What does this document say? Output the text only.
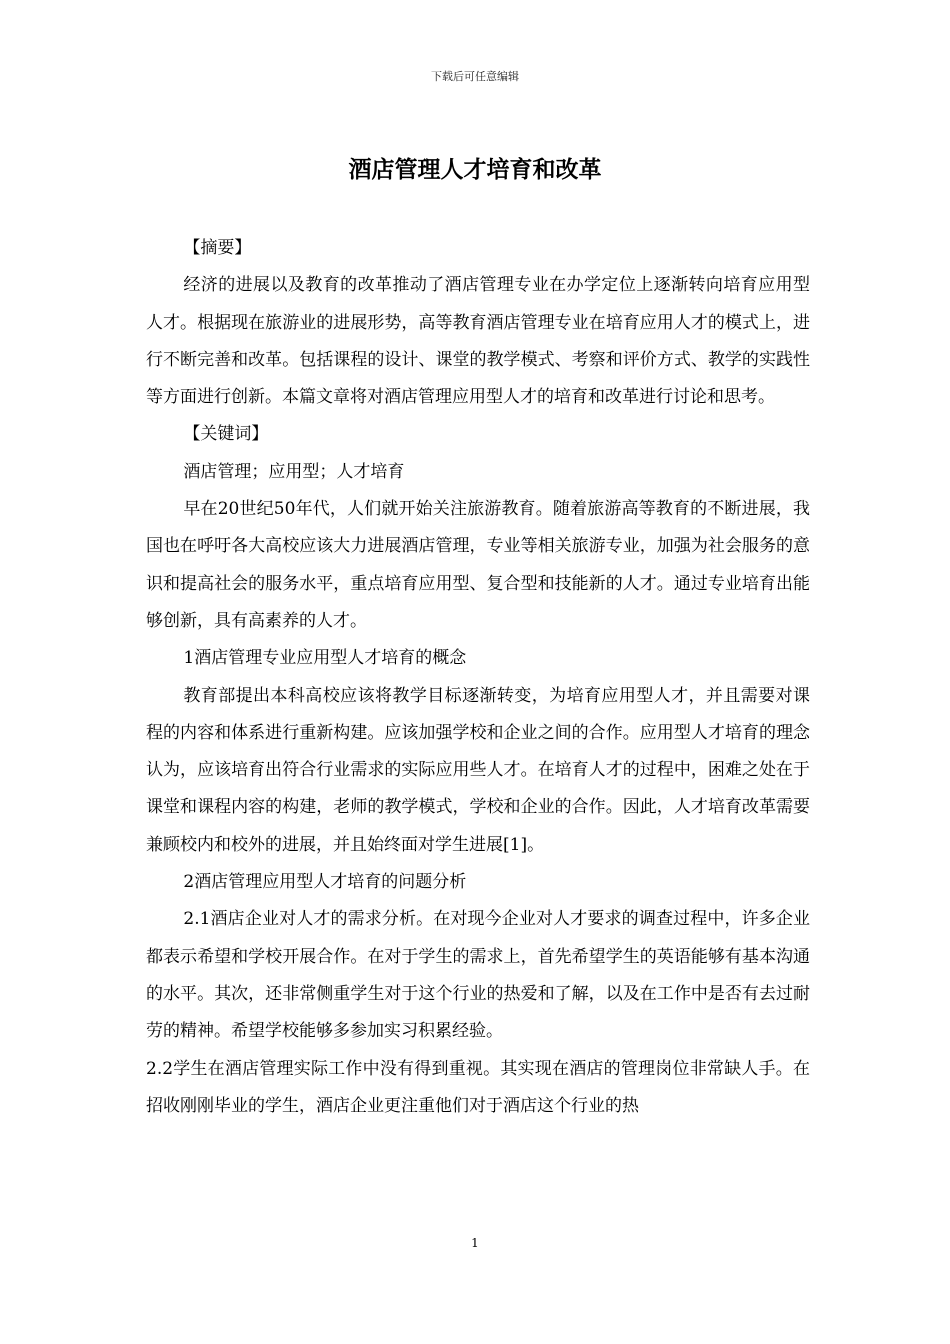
下载后可任意编辑
酒店管理人才培育和改革

【摘要】

经济的进展以及教育的改革推动了酒店管理专业在办学定位上逐渐转向培育应用型人才。根据现在旅游业的进展形势，高等教育酒店管理专业在培育应用人才的模式上，进行不断完善和改革。包括课程的设计、课堂的教学模式、考察和评价方式、教学的实践性等方面进行创新。本篇文章将对酒店管理应用型人才的培育和改革进行讨论和思考。

【关键词】

酒店管理；应用型；人才培育

早在20世纪50年代，人们就开始关注旅游教育。随着旅游高等教育的不断进展，我国也在呼吁各大高校应该大力进展酒店管理，专业等相关旅游专业，加强为社会服务的意识和提高社会的服务水平，重点培育应用型、复合型和技能新的人才。通过专业培育出能够创新，具有高素养的人才。

1酒店管理专业应用型人才培育的概念

教育部提出本科高校应该将教学目标逐渐转变，为培育应用型人才，并且需要对课程的内容和体系进行重新构建。应该加强学校和企业之间的合作。应用型人才培育的理念认为，应该培育出符合行业需求的实际应用些人才。在培育人才的过程中，困难之处在于课堂和课程内容的构建，老师的教学模式，学校和企业的合作。因此，人才培育改革需要兼顾校内和校外的进展，并且始终面对学生进展[1]。

2酒店管理应用型人才培育的问题分析

2.1酒店企业对人才的需求分析。在对现今企业对人才要求的调查过程中，许多企业都表示希望和学校开展合作。在对于学生的需求上，首先希望学生的英语能够有基本沟通的水平。其次，还非常侧重学生对于这个行业的热爱和了解，以及在工作中是否有去过耐劳的精神。希望学校能够多参加实习积累经验。

2.2学生在酒店管理实际工作中没有得到重视。其实现在酒店的管理岗位非常缺人手。在招收刚刚毕业的学生，酒店企业更注重他们对于酒店这个行业的热

1
